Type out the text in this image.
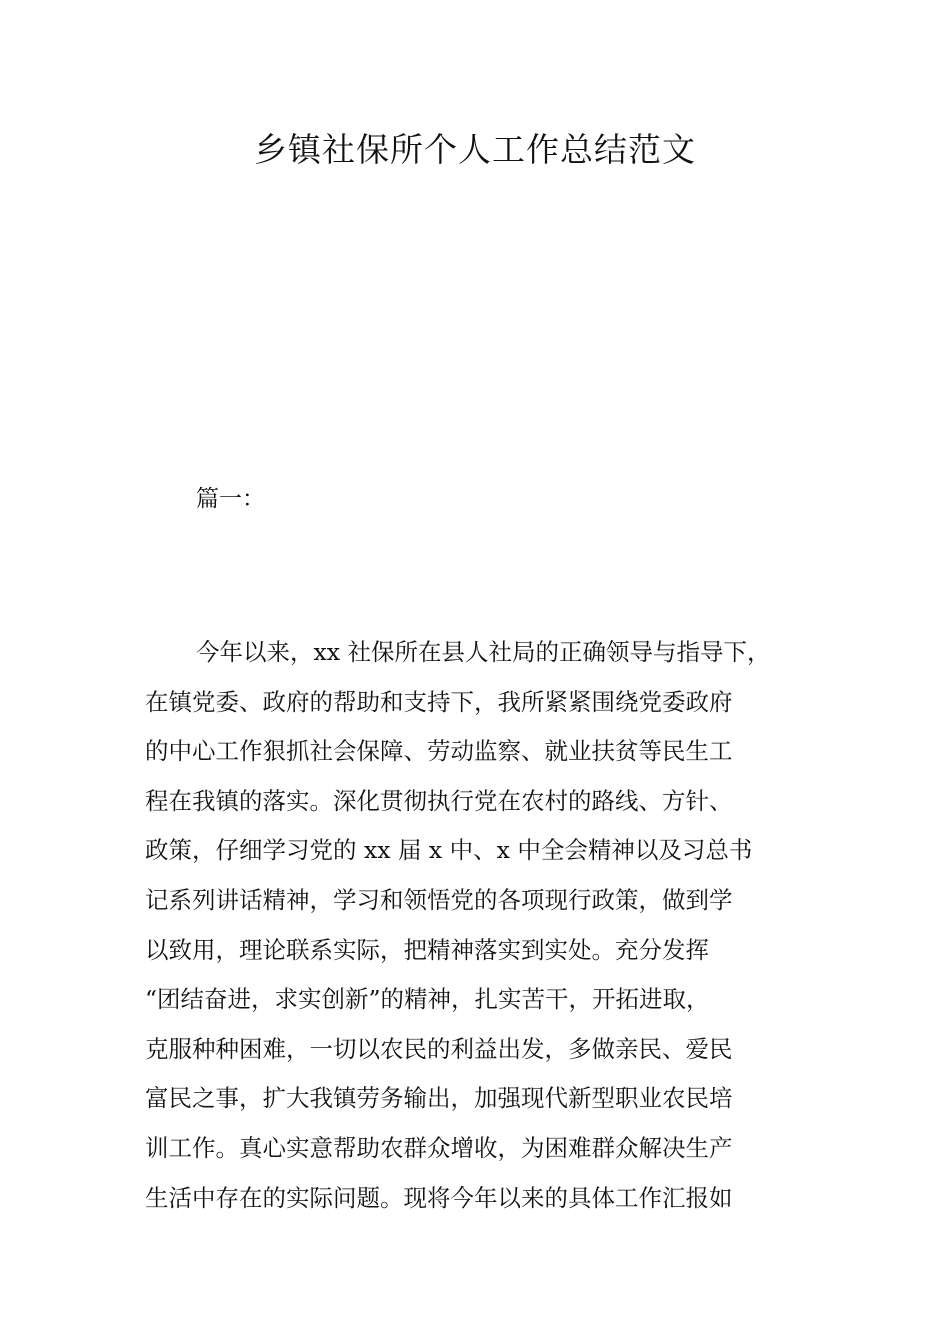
乡镇社保所个人工作总结范文

篇一：

今年以来，xx 社保所在县人社局的正确领导与指导下，
在镇党委、政府的帮助和支持下，我所紧紧围绕党委政府
的中心工作狠抓社会保障、劳动监察、就业扶贫等民生工
程在我镇的落实。深化贯彻执行党在农村的路线、方针、
政策，仔细学习党的 xx 届 x 中、x 中全会精神以及习总书
记系列讲话精神，学习和领悟党的各项现行政策，做到学
以致用，理论联系实际，把精神落实到实处。充分发挥
“团结奋进，求实创新”的精神，扎实苦干，开拓进取，
克服种种困难，一切以农民的利益出发，多做亲民、爱民
富民之事，扩大我镇劳务输出，加强现代新型职业农民培
训工作。真心实意帮助农群众增收，为困难群众解决生产
生活中存在的实际问题。现将今年以来的具体工作汇报如
